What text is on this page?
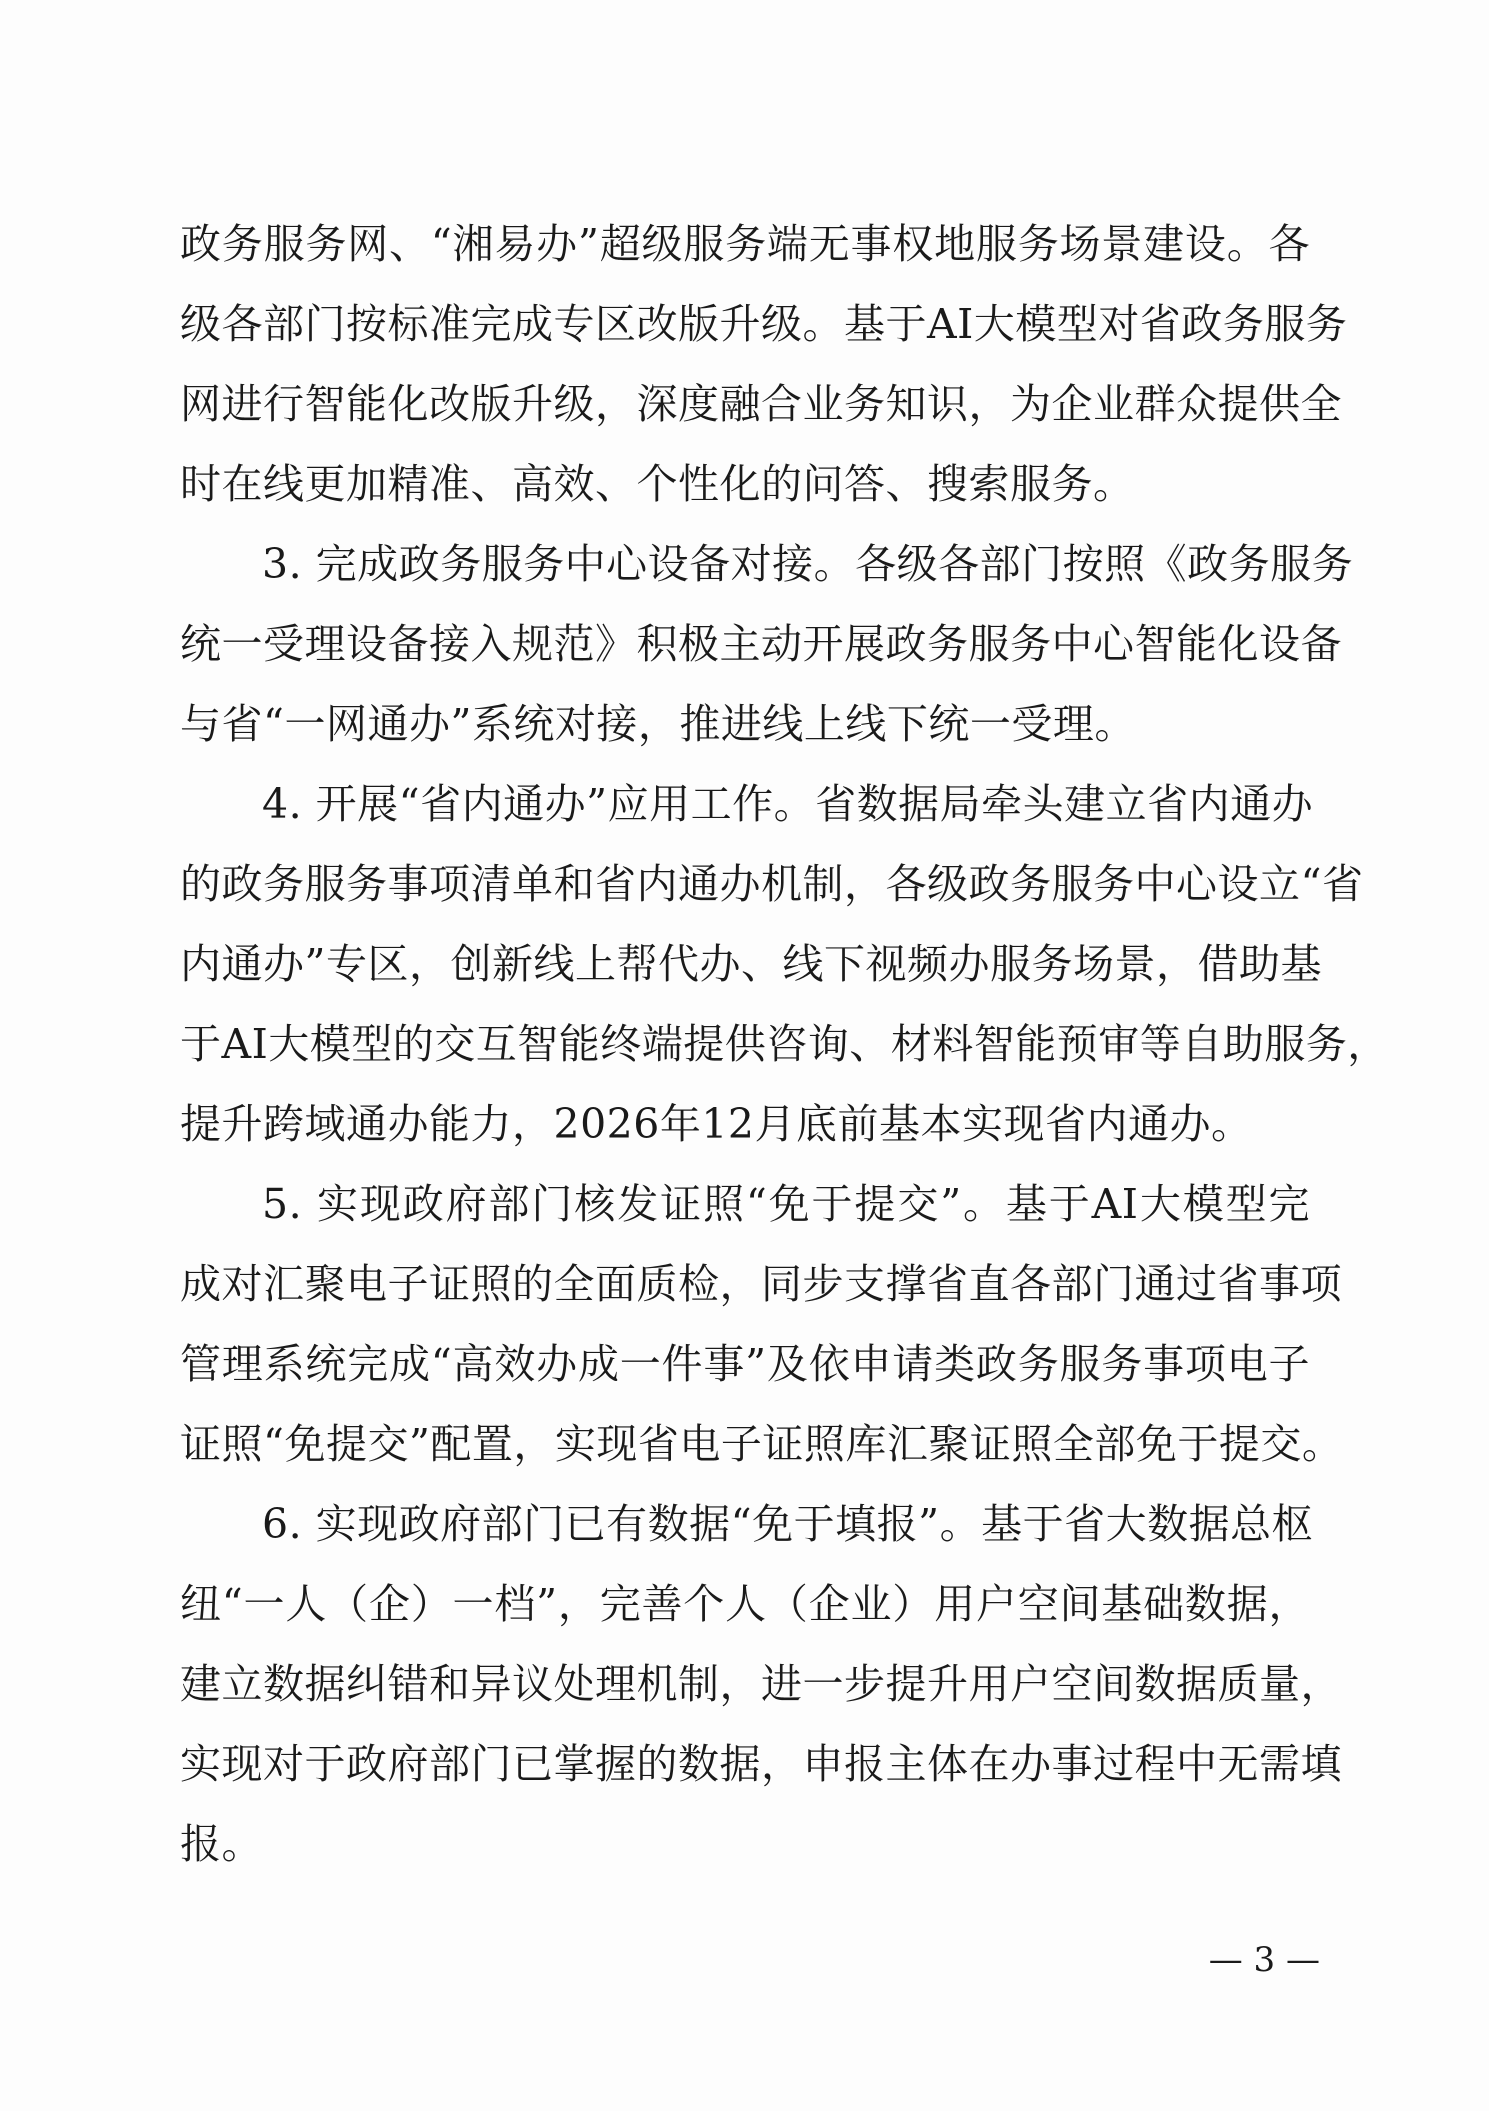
政务服务网、“湘易办”超级服务端无事权地服务场景建设。各
级各部门按标准完成专区改版升级。基于AI大模型对省政务服务
网进行智能化改版升级，深度融合业务知识，为企业群众提供全
时在线更加精准、高效、个性化的问答、搜索服务。
3. 完成政务服务中心设备对接。各级各部门按照《政务服务
统一受理设备接入规范》积极主动开展政务服务中心智能化设备
与省“一网通办”系统对接，推进线上线下统一受理。
4. 开展“省内通办”应用工作。省数据局牵头建立省内通办
的政务服务事项清单和省内通办机制，各级政务服务中心设立“省
内通办”专区，创新线上帮代办、线下视频办服务场景，借助基
于AI大模型的交互智能终端提供咨询、材料智能预审等自助服务，
提升跨域通办能力，2026年12月底前基本实现省内通办。
5. 实现政府部门核发证照“免于提交”。基于AI大模型完
成对汇聚电子证照的全面质检，同步支撑省直各部门通过省事项
管理系统完成“高效办成一件事”及依申请类政务服务事项电子
证照“免提交”配置，实现省电子证照库汇聚证照全部免于提交。
6. 实现政府部门已有数据“免于填报”。基于省大数据总枢
纽“一人（企）一档”，完善个人（企业）用户空间基础数据，
建立数据纠错和异议处理机制，进一步提升用户空间数据质量，
实现对于政府部门已掌握的数据，申报主体在办事过程中无需填
报。
— 3 —
